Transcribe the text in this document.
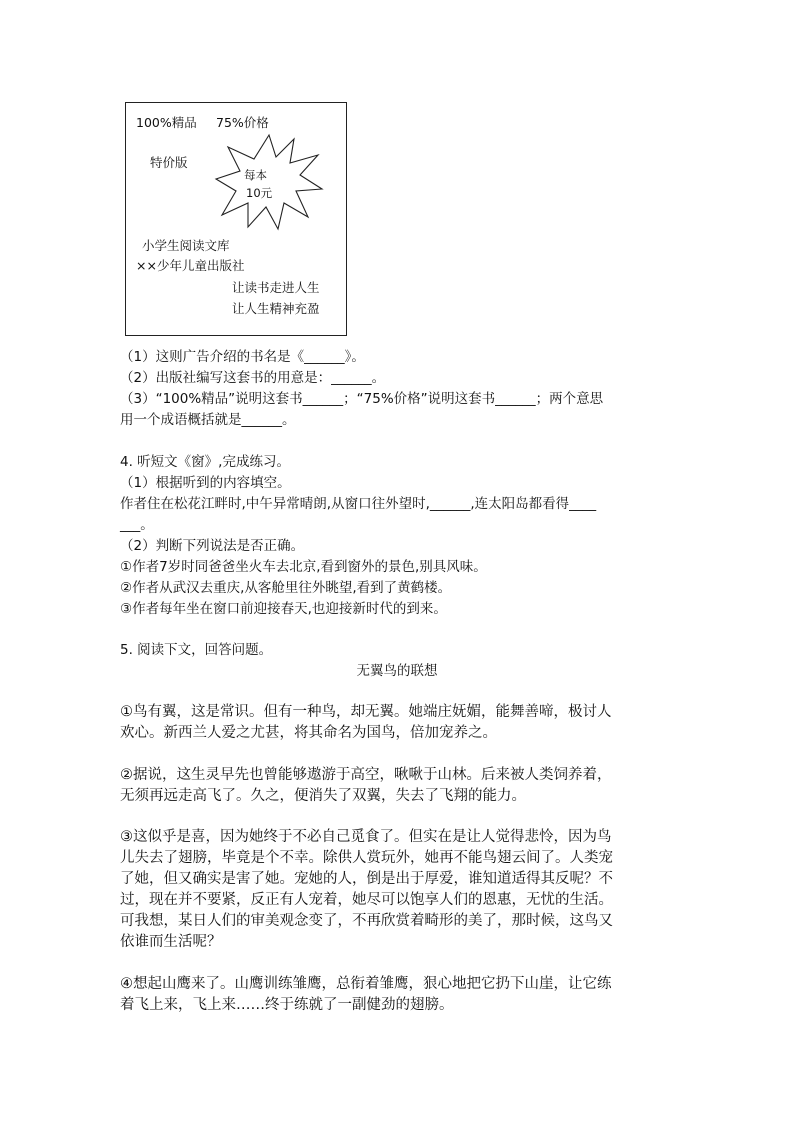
100%精品 75%价格
特价版
每本
10元
小学生阅读文库
××少年儿童出版社
让读书走进人生
让人生精神充盈
（1）这则广告介绍的书名是《______》。
（2）出版社编写这套书的用意是：______。
（3）“100%精品”说明这套书______；“75%价格”说明这套书______；两个意思
用一个成语概括就是______。
4. 听短文《窗》,完成练习。
（1）根据听到的内容填空。
作者住在松花江畔时,中午异常晴朗,从窗口往外望时,______,连太阳岛都看得____
___。
（2）判断下列说法是否正确。
①作者7岁时同爸爸坐火车去北京,看到窗外的景色,别具风味。
②作者从武汉去重庆,从客舱里往外眺望,看到了黄鹤楼。
③作者每年坐在窗口前迎接春天,也迎接新时代的到来。
5. 阅读下文，回答问题。
无翼鸟的联想
①鸟有翼，这是常识。但有一种鸟，却无翼。她端庄妩媚，能舞善啼，极讨人
欢心。新西兰人爱之尤甚，将其命名为国鸟，倍加宠养之。
②据说，这生灵早先也曾能够遨游于高空，啾啾于山林。后来被人类饲养着，
无须再远走高飞了。久之，便消失了双翼，失去了飞翔的能力。
③这似乎是喜，因为她终于不必自己觅食了。但实在是让人觉得悲怜，因为鸟
儿失去了翅膀，毕竟是个不幸。除供人赏玩外，她再不能鸟翅云间了。人类宠
了她，但又确实是害了她。宠她的人，倒是出于厚爱，谁知道适得其反呢？不
过，现在并不要紧，反正有人宠着，她尽可以饱享人们的恩惠，无忧的生活。
可我想，某日人们的审美观念变了，不再欣赏着畸形的美了，那时候，这鸟又
依谁而生活呢？
④想起山鹰来了。山鹰训练雏鹰，总衔着雏鹰，狠心地把它扔下山崖，让它练
着飞上来，飞上来……终于练就了一副健劲的翅膀。
